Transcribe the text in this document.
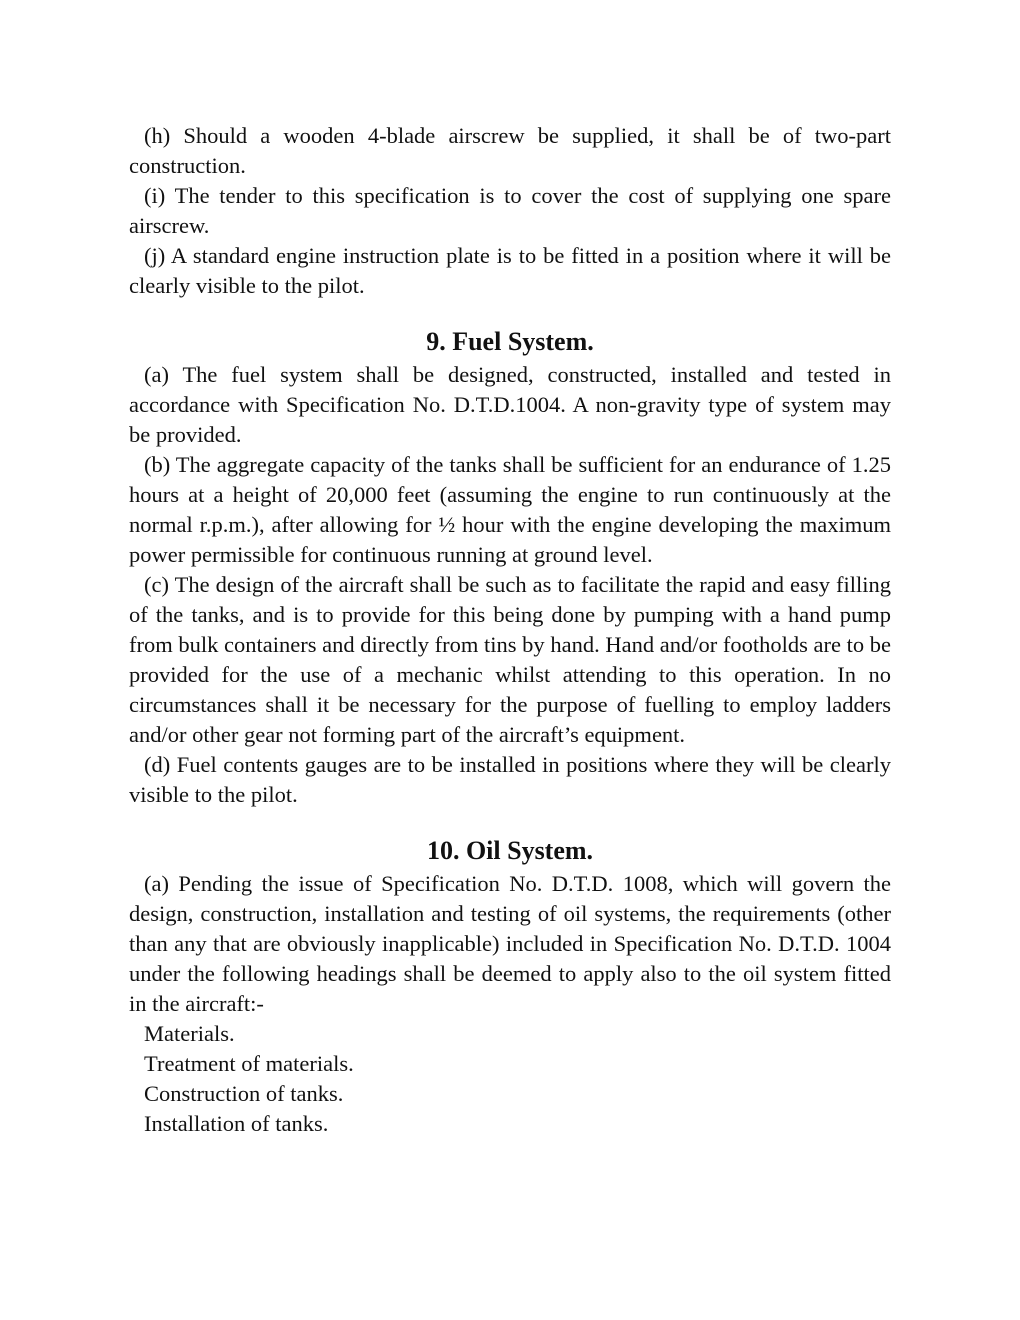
(h) Should a wooden 4-blade airscrew be supplied, it shall be of two-part construction.

(i) The tender to this specification is to cover the cost of supplying one spare airscrew.

(j) A standard engine instruction plate is to be fitted in a position where it will be clearly visible to the pilot.

9. Fuel System.

(a) The fuel system shall be designed, constructed, installed and tested in accordance with Specification No. D.T.D.1004. A non-gravity type of system may be provided.

(b) The aggregate capacity of the tanks shall be sufficient for an endurance of 1.25 hours at a height of 20,000 feet (assuming the engine to run continuously at the normal r.p.m.), after allowing for ½ hour with the engine developing the maximum power permissible for continuous running at ground level.

(c) The design of the aircraft shall be such as to facilitate the rapid and easy filling of the tanks, and is to provide for this being done by pumping with a hand pump from bulk containers and directly from tins by hand. Hand and/or footholds are to be provided for the use of a mechanic whilst attending to this operation. In no circumstances shall it be necessary for the purpose of fuelling to employ ladders and/or other gear not forming part of the aircraft’s equipment.

(d) Fuel contents gauges are to be installed in positions where they will be clearly visible to the pilot.

10. Oil System.

(a) Pending the issue of Specification No. D.T.D. 1008, which will govern the design, construction, installation and testing of oil systems, the requirements (other than any that are obviously inapplicable) included in Specification No. D.T.D. 1004 under the following headings shall be deemed to apply also to the oil system fitted in the aircraft:-

Materials.

Treatment of materials.

Construction of tanks.

Installation of tanks.
